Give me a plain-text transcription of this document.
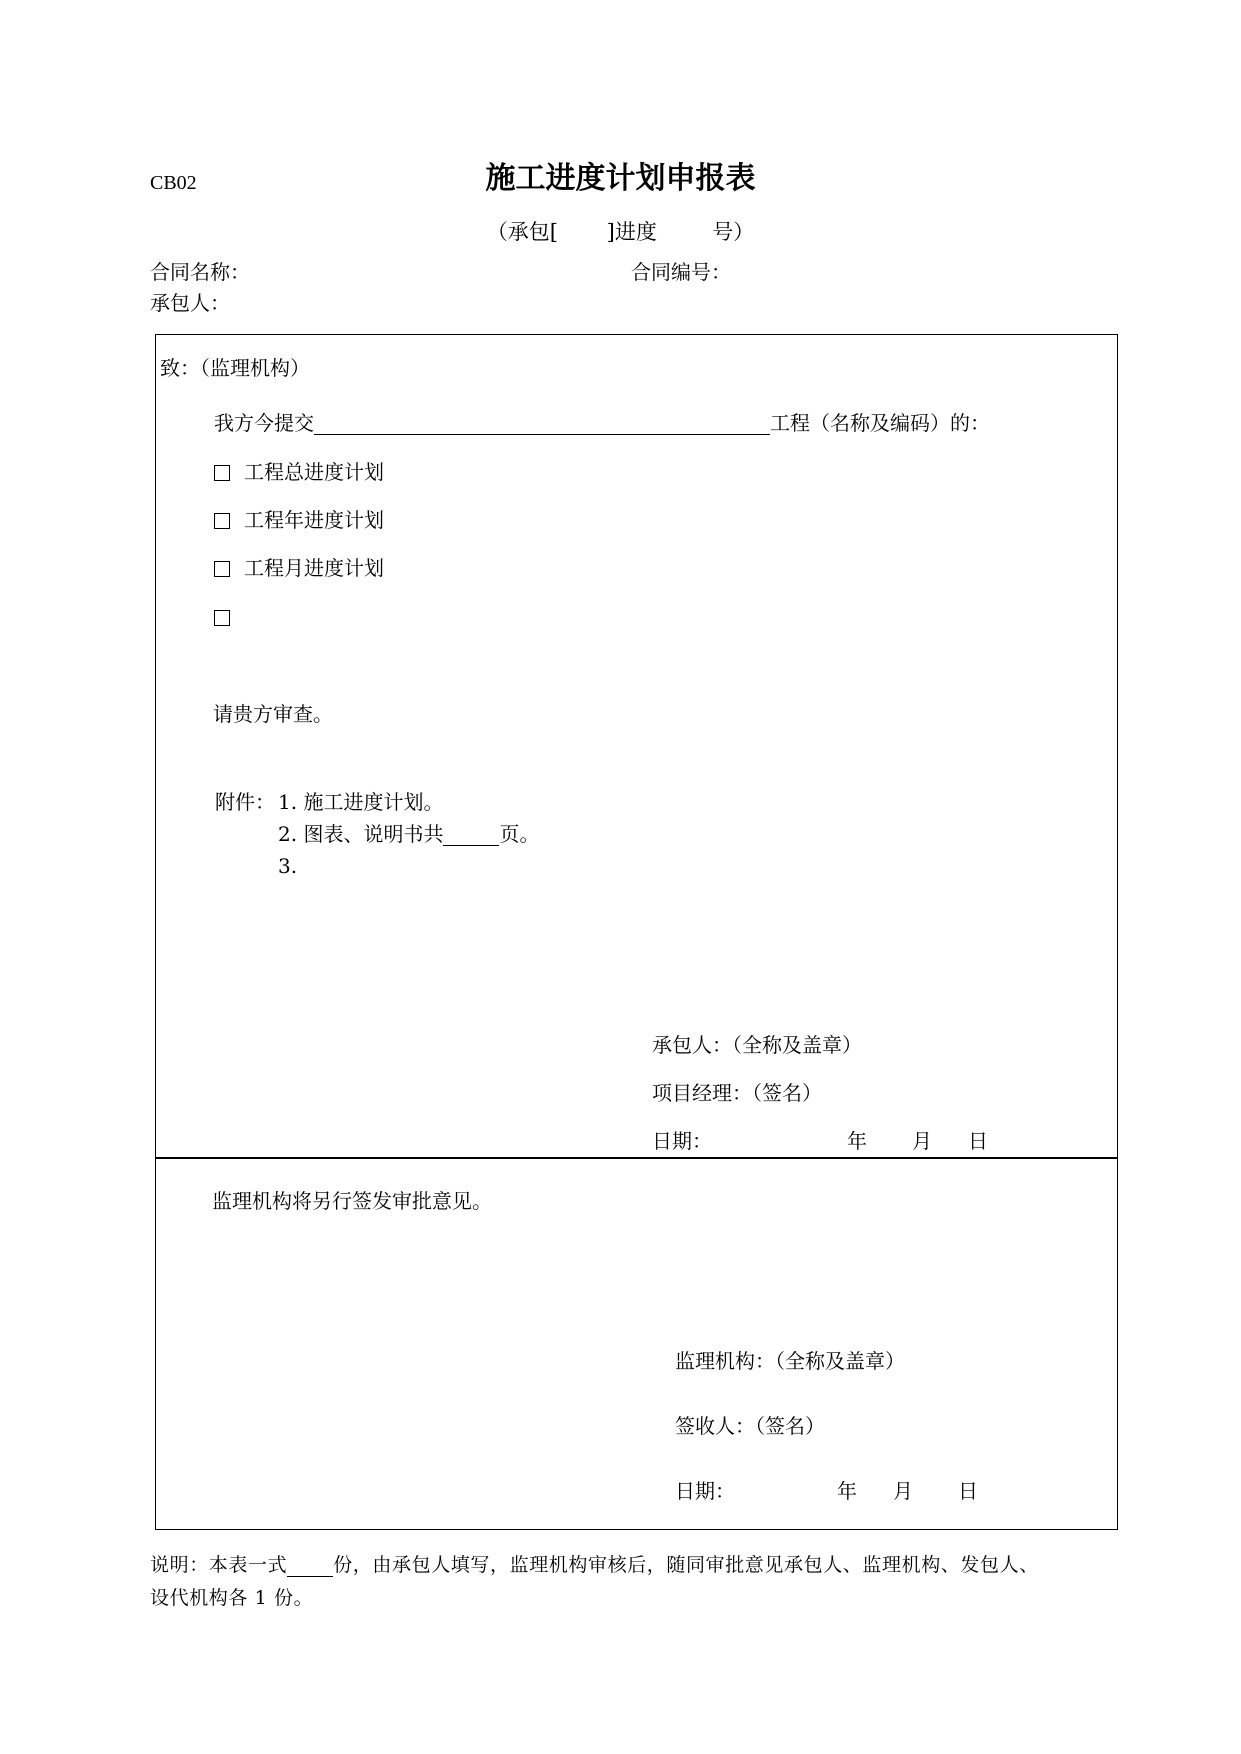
CB02	施工进度计划申报表
（承包[　　 ]进度　　  号）
合同名称：	合同编号：
承包人：
致：（监理机构）
我方今提交	工程（名称及编码）的：
工程总进度计划
工程年进度计划
工程月进度计划
请贵方审查。
附件： 1. 施工进度计划。
2. 图表、说明书共	页。
3.
承包人：（全称及盖章）
项目经理：（签名）
日期：	年 月 日
监理机构将另行签发审批意见。
监理机构：（全称及盖章）
签收人：（签名）
日期：	年 月 日
说明：本表一式 份，由承包人填写，监理机构审核后，随同审批意见承包人、监理机构、发包人、
设代机构各 1 份。
